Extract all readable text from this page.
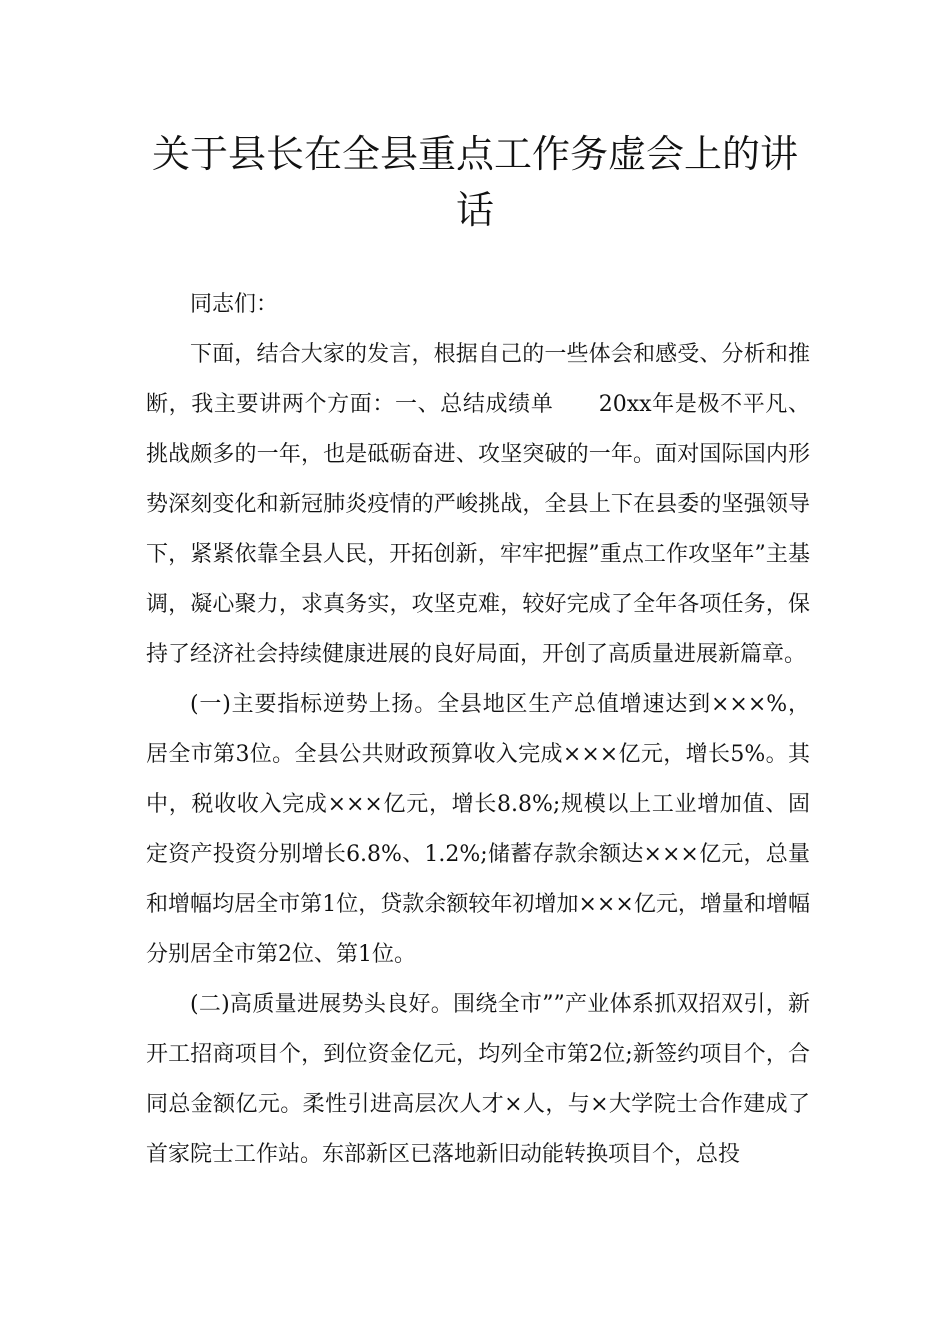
关于县长在全县重点工作务虚会上的讲话

同志们：

下面，结合大家的发言，根据自己的一些体会和感受、分析和推断，我主要讲两个方面：一、总结成绩单　　20xx年是极不平凡、挑战颇多的一年，也是砥砺奋进、攻坚突破的一年。面对国际国内形势深刻变化和新冠肺炎疫情的严峻挑战，全县上下在县委的坚强领导下，紧紧依靠全县人民，开拓创新，牢牢把握”重点工作攻坚年”主基调，凝心聚力，求真务实，攻坚克难，较好完成了全年各项任务，保持了经济社会持续健康进展的良好局面，开创了高质量进展新篇章。

(一)主要指标逆势上扬。全县地区生产总值增速达到×××%，居全市第3位。全县公共财政预算收入完成×××亿元，增长5%。其中，税收收入完成×××亿元，增长8.8%;规模以上工业增加值、固定资产投资分别增长6.8%、1.2%;储蓄存款余额达×××亿元，总量和增幅均居全市第1位，贷款余额较年初增加×××亿元，增量和增幅分别居全市第2位、第1位。

(二)高质量进展势头良好。围绕全市””产业体系抓双招双引，新开工招商项目个，到位资金亿元，均列全市第2位;新签约项目个，合同总金额亿元。柔性引进高层次人才×人，与×大学院士合作建成了首家院士工作站。东部新区已落地新旧动能转换项目个，总投
